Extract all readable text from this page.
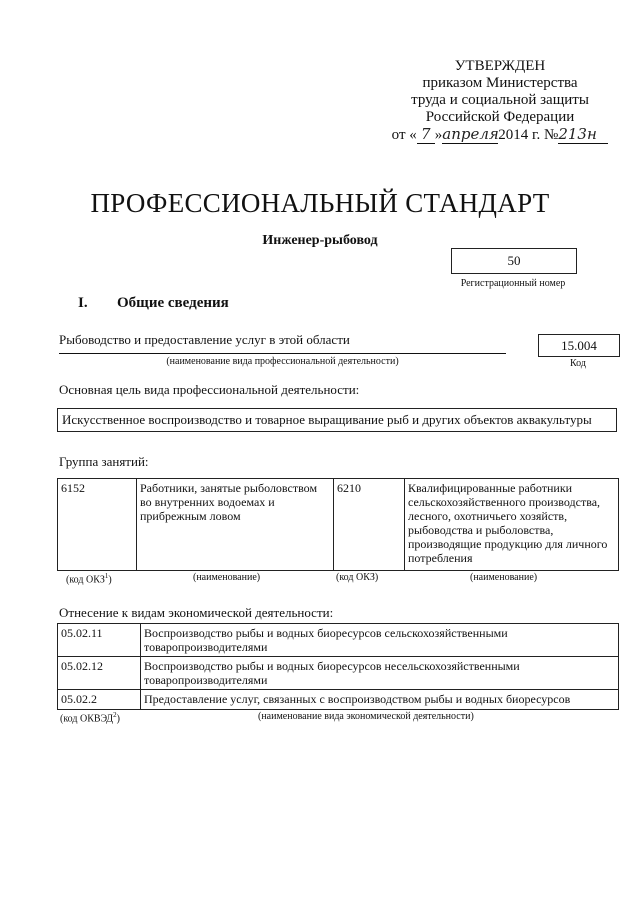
УТВЕРЖДЕН
приказом Министерства
труда и социальной защиты
Российской Федерации
от « 7 »апреля2014 г. №213н
ПРОФЕССИОНАЛЬНЫЙ СТАНДАРТ
Инженер-рыбовод
50
Регистрационный номер
I. Общие сведения
Рыбоводство и предоставление услуг в этой области
(наименование вида профессиональной деятельности)
15.004
Код
Основная цель вида профессиональной деятельности:
Искусственное воспроизводство и товарное выращивание рыб и других объектов аквакультуры
Группа занятий:
6152	Работники, занятые рыболовством во внутренних водоемах и прибрежным ловом	6210	Квалифицированные работники сельскохозяйственного производства, лесного, охотничьего хозяйств, рыбоводства и рыболовства, производящие продукцию для личного потребления
(код ОКЗ$^1$)	(наименование)	(код ОКЗ)	(наименование)
Отнесение к видам экономической деятельности:
05.02.11	Воспроизводство рыбы и водных биоресурсов сельскохозяйственными товаропроизводителями
05.02.12	Воспроизводство рыбы и водных биоресурсов несельскохозяйственными товаропроизводителями
05.02.2	Предоставление услуг, связанных с воспроизводством рыбы и водных биоресурсов
(код ОКВЭД$^2$)	(наименование вида экономической деятельности)
